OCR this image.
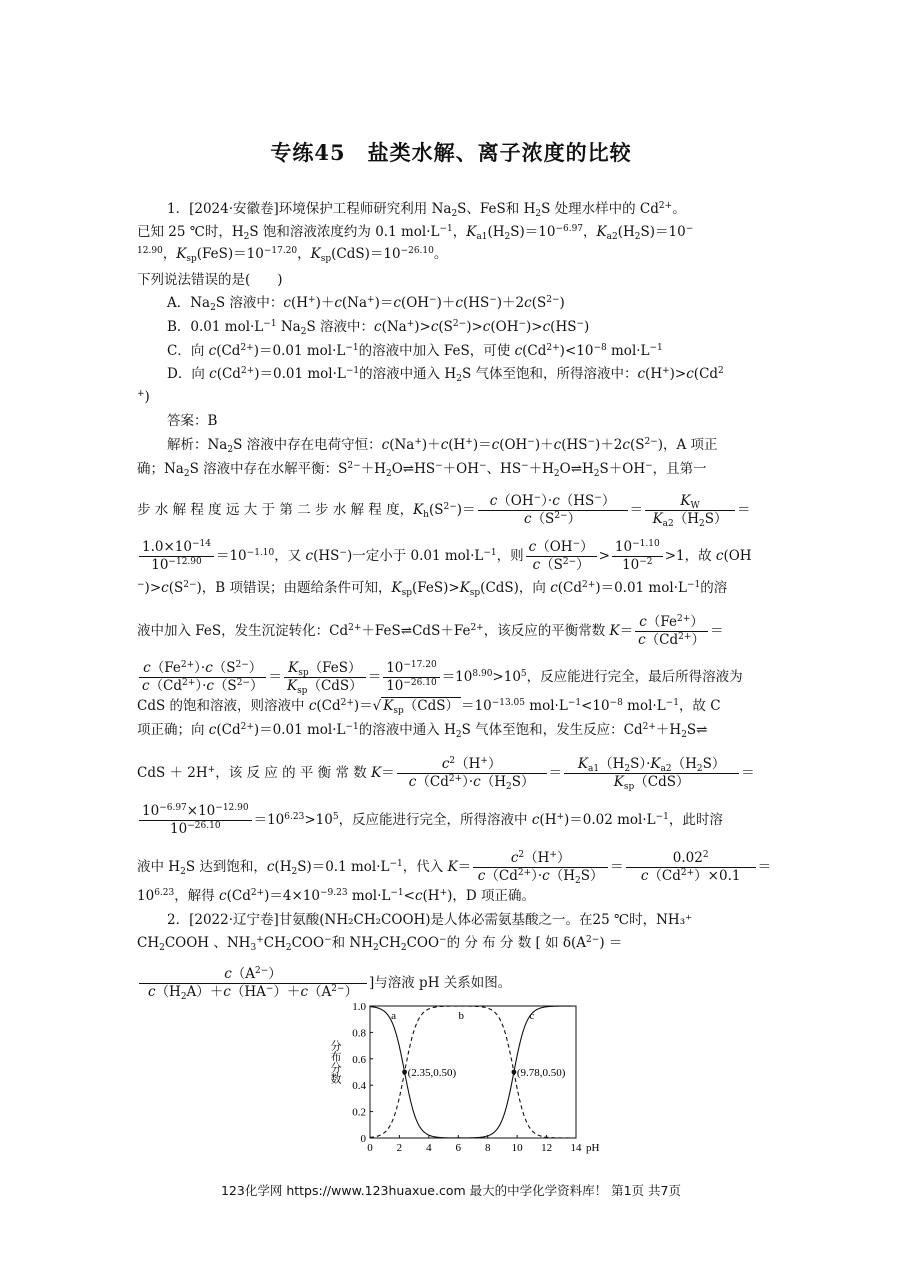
专练45　盐类水解、离子浓度的比较
1．[2024·安徽卷]环境保护工程师研究利用 $Na_2S$、FeS和 $H_2S$ 处理水样中的 $Cd^{2+}$。
已知 25 ℃时，$H_2S$ 饱和溶液浓度约为 0.1 $mol\cdot L^{-1}$，$K_{a1}(H_2S)=10^{-6.97}$，$K_{a2}(H_2S)=10^-$
$^{12.90}$，$K_{sp}(FeS)=10^{-17.20}$，$K_{sp}(CdS)=10^{-26.10}$。
下列说法错误的是(　　)
A．$Na_2S$ 溶液中：$c(H^+)+c(Na^+)=c(OH^-)+c(HS^-)+2c(S^{2-})$
B．0.01 $mol\cdot L^{-1}$ $Na_2S$ 溶液中：$c(Na^+)>c(S^{2-})>c(OH^-)>c(HS^-)$
C．向 $c(Cd^{2+})=0.01$ $mol\cdot L^{-1}$的溶液中加入 FeS，可使 $c(Cd^{2+})<10^{-8}$ $mol\cdot L^{-1}$
D．向 $c(Cd^{2+})=0.01$ $mol\cdot L^{-1}$的溶液中通入 $H_2S$ 气体至饱和，所得溶液中：$c(H^+)>c(Cd^2$
+)
答案：B
解析：$Na_2S$ 溶液中存在电荷守恒：$c(Na^+)+c(H^+)=c(OH^-)+c(HS^-)+2c(S^{2-})$，A 项正
确；$Na_2S$ 溶液中存在水解平衡：$S^{2-}+H_2O\rightleftharpoons HS^-+OH^-$、$HS^-+H_2O\rightleftharpoons H_2S+OH^-$，且第一
步 水 解 程 度 远 大 于 第 二 步 水 解 程 度，$K_h(S^{2-})= \frac{c(OH^-)\cdot c(HS^-)}{c(S^{2-})} = \frac{K_W}{K_{a2}(H_2S)}$ ＝
$\frac{1.0\times 10^{-14}}{10^{-12.90}} =10^{-1.10}$，又 c(HS−)一定小于 0.01 $mol\cdot L^{-1}$，则 $\frac{c(OH^-)}{c(S^{2-})} > \frac{10^{-1.10}}{10^{-2}} >1$，故 c(OH
$^-)>c(S^{2-})$，B 项错误；由题给条件可知，$K_{sp}(FeS)>K_{sp}(CdS)$，向 $c(Cd^{2+})=0.01$ $mol\cdot L^{-1}$的溶
液中加入 FeS，发生沉淀转化：$Cd^{2+}+FeS\rightleftharpoons CdS+Fe^{2+}$，该反应的平衡常数 $K= \frac{c(Fe^{2+})}{c(Cd^{2+})}$ ＝
$\frac{c(Fe^{2+})\cdot c(S^{2-})}{c(Cd^{2+})\cdot c(S^{2-})} = \frac{K_{sp}(FeS)}{K_{sp}(CdS)} = \frac{10^{-17.20}}{10^{-26.10}} =10^{8.90}>10^5$，反应能进行完全，最后所得溶液为
CdS 的饱和溶液，则溶液中 $c(Cd^{2+})=√$ $K_{sp}(CdS) =10^{-13.05}$ $mol\cdot L^{-1}<10^{-8}$ $mol\cdot L^{-1}$，故 C
项正确；向 $c(Cd^{2+})=0.01$ $mol\cdot L^{-1}$的溶液中通入 $H_2S$ 气体至饱和，发生反应：$Cd^{2+}+H_2S\rightleftharpoons$
CdS ＋ 2H+，该 反 应 的 平 衡 常 数 $K= \frac{c^2(H^+)}{c(Cd^{2+})\cdot c(H_2S)} = \frac{K_{a1}(H_2S)\cdot K_{a2}(H_2S)}{K_{sp}(CdS)}$ ＝
$\frac{10^{-6.97}\times 10^{-12.90}}{10^{-26.10}} =10^{6.23}>10^5$，反应能进行完全，所得溶液中 c(H+)＝0.02 $mol\cdot L^{-1}$，此时溶
液中 $H_2S$ 达到饱和，$c(H_2S)=0.1$ $mol\cdot L^{-1}$，代入 $K= \frac{c^2(H^+)}{c(Cd^{2+})\cdot c(H_2S)} = \frac{0.02^2}{c(Cd^{2+})\times 0.1}$ ＝
$10^{6.23}$，解得 $c(Cd^{2+})=4\times 10^{-9.23}$ $mol\cdot L^{-1}<c(H^+)$，D 项正确。
2．[2022·辽宁卷]甘氨酸(NH₂CH₂COOH)是人体必需氨基酸之一。在25 ℃时，NH₃⁺
$CH_2COOH$ 、$NH_3^+CH_2COO^-$和 $NH_2CH_2COO^-$的 分 布 分 数 [ 如 $\delta(A^{2-})$ ＝
$\frac{c(A^{2-})}{c(H_2A)+c(HA^-)+c(A^{2-})}$ ]与溶液 pH 关系如图。
0 2 4 6 8 10 12 14
0
0.2
0.4
0.6
0.8
1.0
pH
分布分数
a	b	c
(2.35,0.50)	(9.78,0.50)
123化学网 https://www.123huaxue.com 最大的中学化学资料库！ 第1页 共7页
